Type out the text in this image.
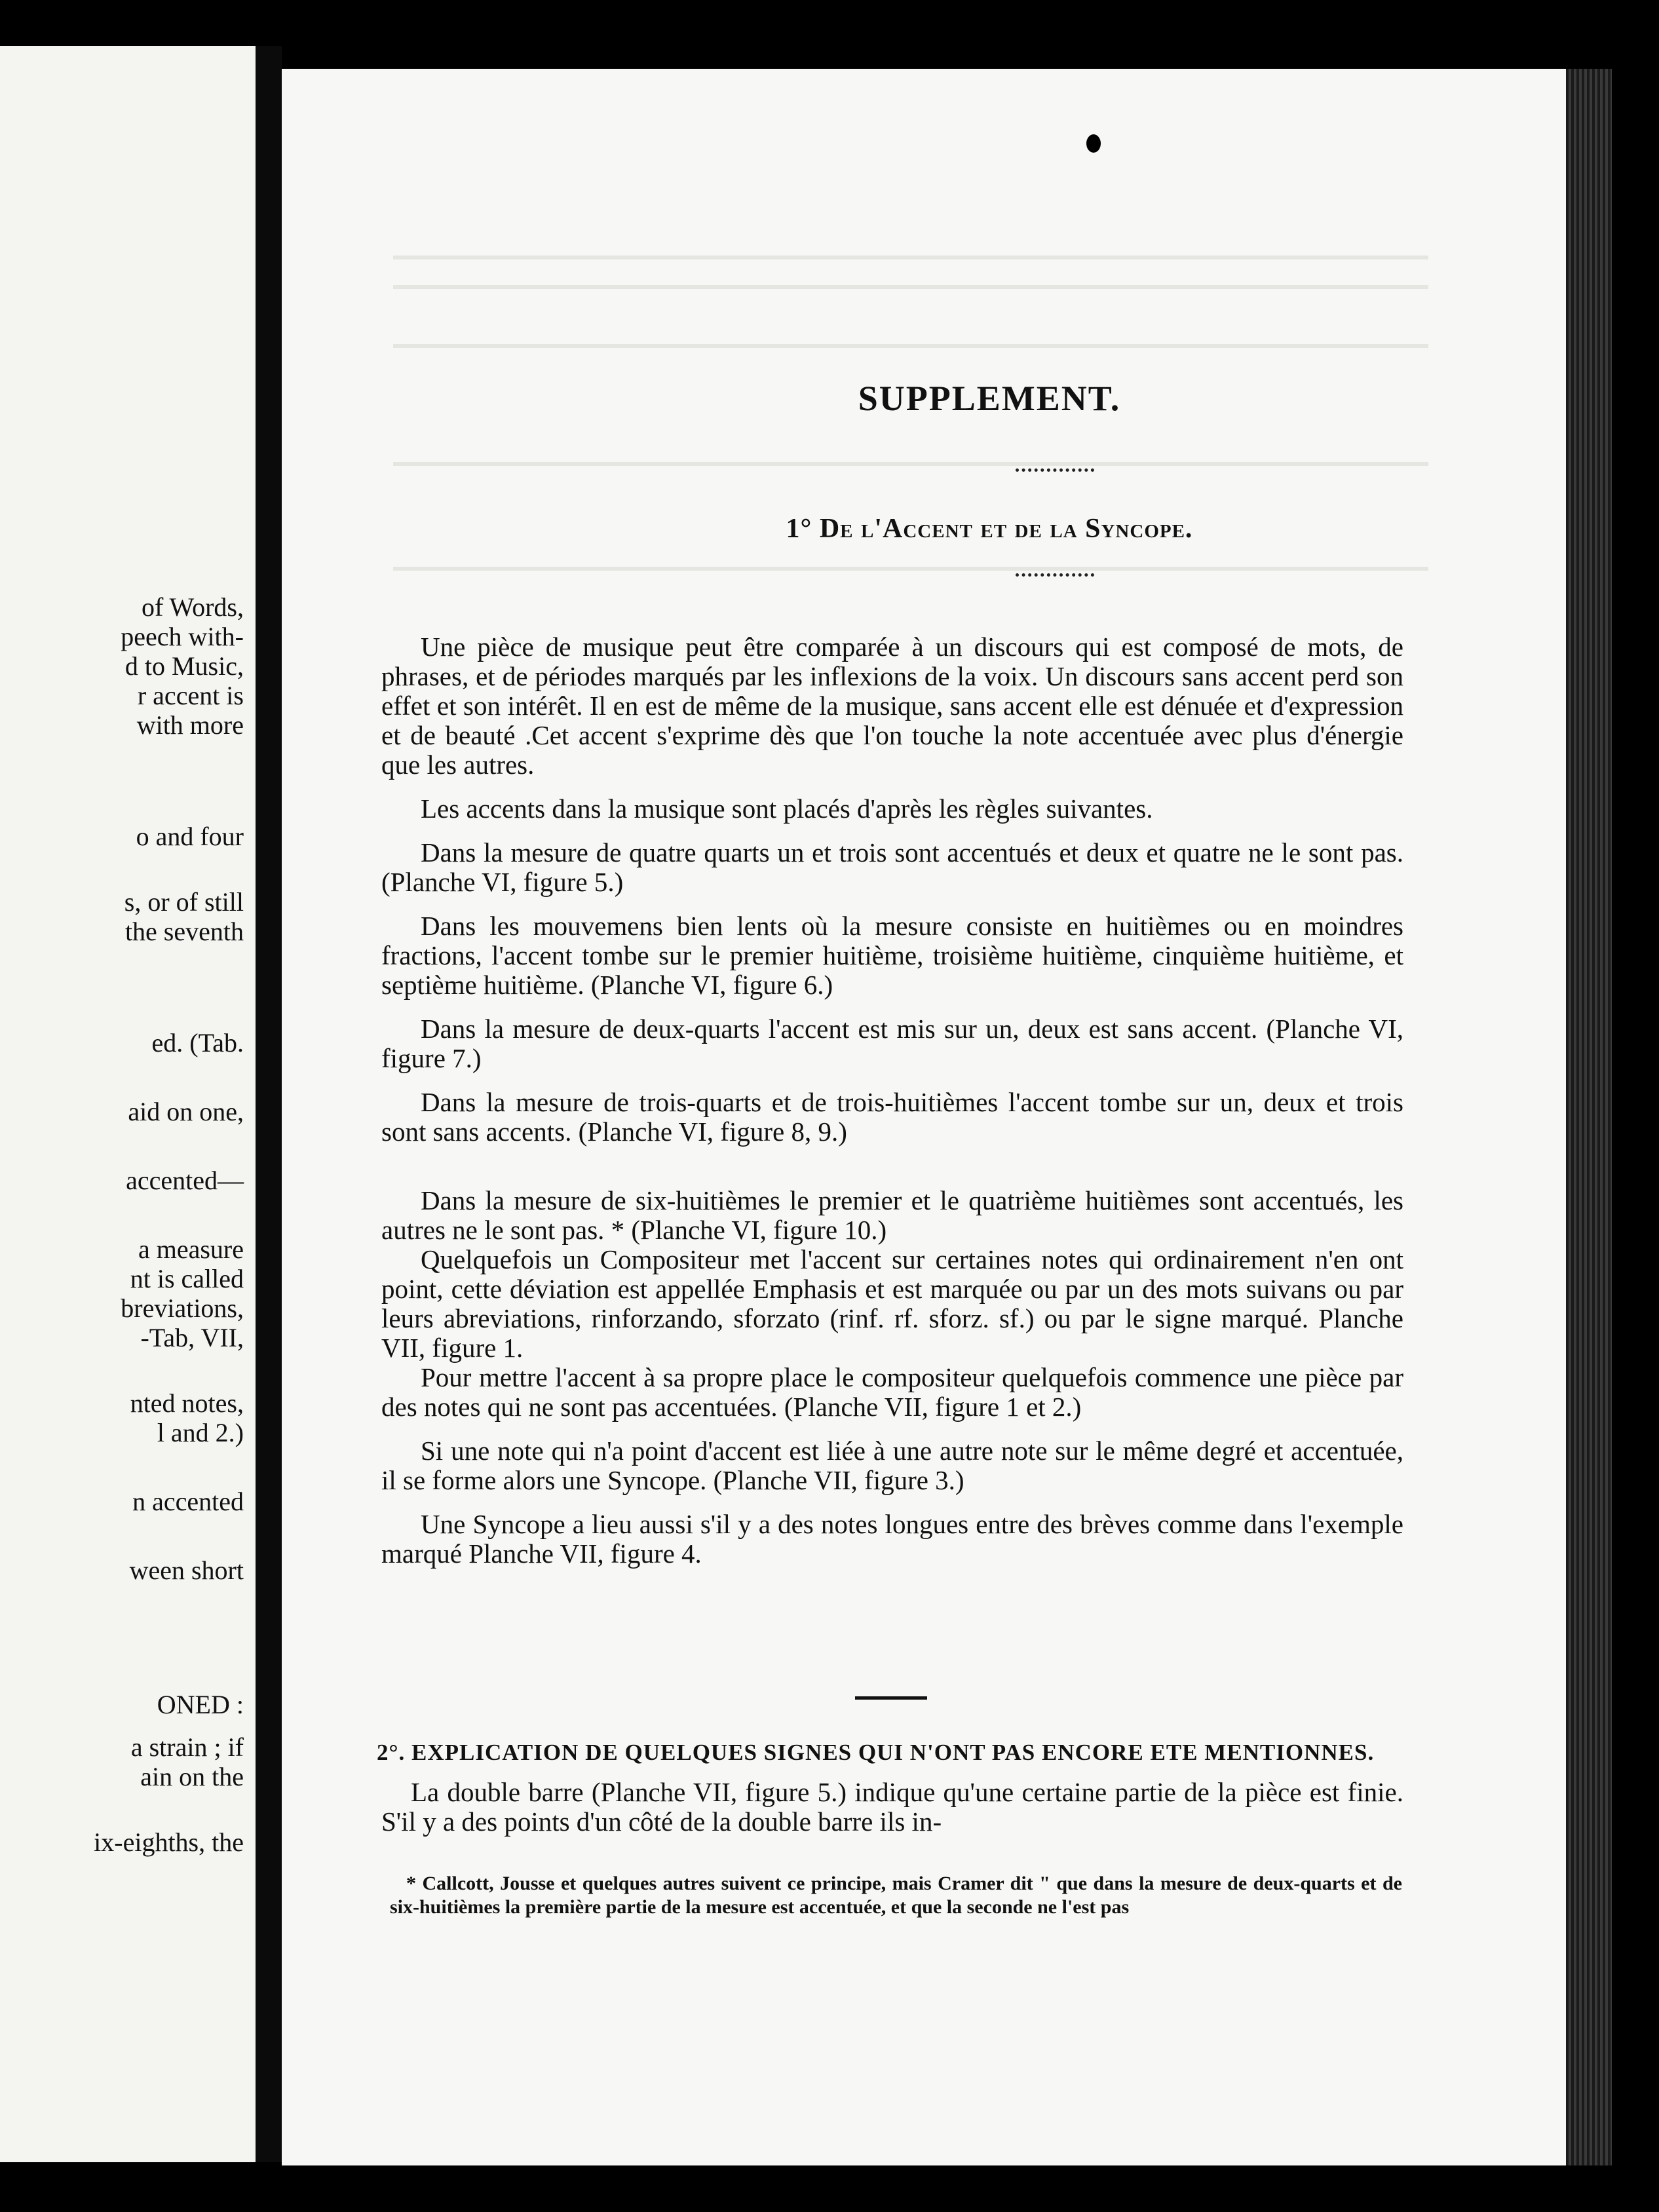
of Words,
peech with-
d to Music,
r accent is
with more
o and four
s, or of still
the seventh
ed. (Tab.
aid on one,
accented—
a measure
nt is called
breviations,
-Tab, VII,
nted notes,
l and 2.)
n accented
ween short
ONED :
a strain ; if
ain on the
ix-eighths, the
SUPPLEMENT.
1° De l'Accent et de la Syncope.

Une pièce de musique peut être comparée à un discours qui est composé de mots, de phrases, et de périodes marqués par les inflexions de la voix. Un discours sans accent perd son effet et son intérêt. Il en est de même de la musique, sans accent elle est dénuée et d'expression et de beauté .Cet accent s'exprime dès que l'on touche la note accentuée avec plus d'énergie que les autres.

Les accents dans la musique sont placés d'après les règles suivantes.

Dans la mesure de quatre quarts un et trois sont accentués et deux et quatre ne le sont pas. (Planche VI, figure 5.)

Dans les mouvemens bien lents où la mesure consiste en huitièmes ou en moindres fractions, l'accent tombe sur le premier huitième, troisième huitième, cinquième huitième, et septième huitième. (Planche VI, figure 6.)

Dans la mesure de deux-quarts l'accent est mis sur un, deux est sans accent. (Planche VI, figure 7.)

Dans la mesure de trois-quarts et de trois-huitièmes l'accent tombe sur un, deux et trois sont sans accents. (Planche VI, figure 8, 9.)

Dans la mesure de six-huitièmes le premier et le quatrième huitièmes sont accentués, les autres ne le sont pas. * (Planche VI, figure 10.)

Quelquefois un Compositeur met l'accent sur certaines notes qui ordinairement n'en ont point, cette déviation est appellée Emphasis et est marquée ou par un des mots suivans ou par leurs abreviations, rinforzando, sforzato (rinf. rf. sforz. sf.) ou par le signe marqué. Planche VII, figure 1.

Pour mettre l'accent à sa propre place le compositeur quelquefois commence une pièce par des notes qui ne sont pas accentuées. (Planche VII, figure 1 et 2.)

Si une note qui n'a point d'accent est liée à une autre note sur le même degré et accentuée, il se forme alors une Syncope. (Planche VII, figure 3.)

Une Syncope a lieu aussi s'il y a des notes longues entre des brèves comme dans l'exemple marqué Planche VII, figure 4.

2°. EXPLICATION DE QUELQUES SIGNES QUI N'ONT PAS ENCORE ETE MENTIONNES.

La double barre (Planche VII, figure 5.) indique qu'une certaine partie de la pièce est finie. S'il y a des points d'un côté de la double barre ils in-

* Callcott, Jousse et quelques autres suivent ce principe, mais Cramer dit " que dans la mesure de deux-quarts et de six-huitièmes la première partie de la mesure est accentuée, et que la seconde ne l'est pas
